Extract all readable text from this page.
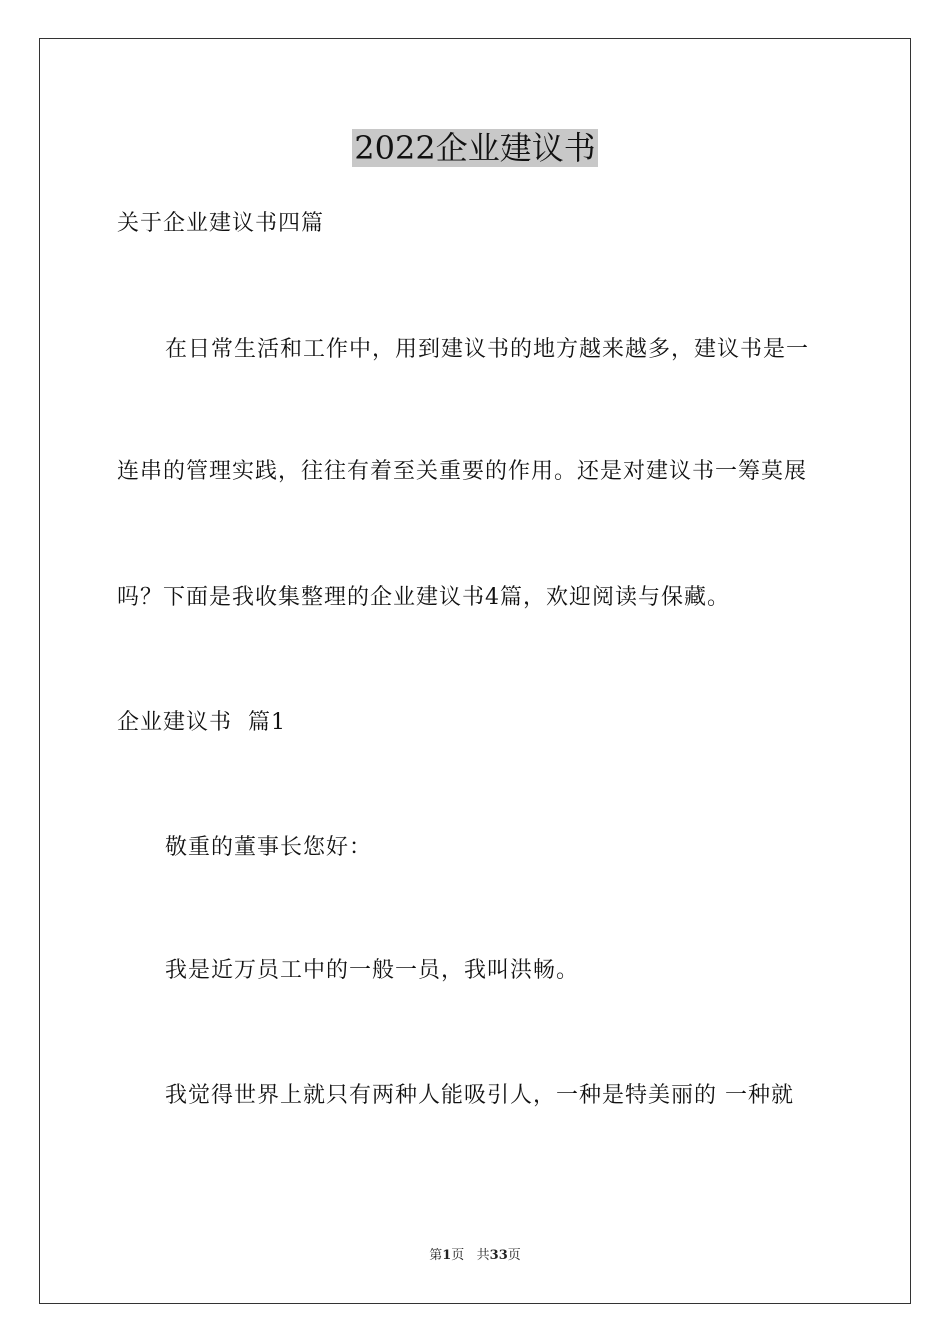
2022企业建议书
关于企业建议书四篇
在日常生活和工作中，用到建议书的地方越来越多，建议书是一
连串的管理实践，往往有着至关重要的作用。还是对建议书一筹莫展
吗？下面是我收集整理的企业建议书4篇，欢迎阅读与保藏。
企业建议书  篇1
敬重的董事长您好：
我是近万员工中的一般一员，我叫洪畅。
我觉得世界上就只有两种人能吸引人，一种是特美丽的 一种就
第1页   共33页
